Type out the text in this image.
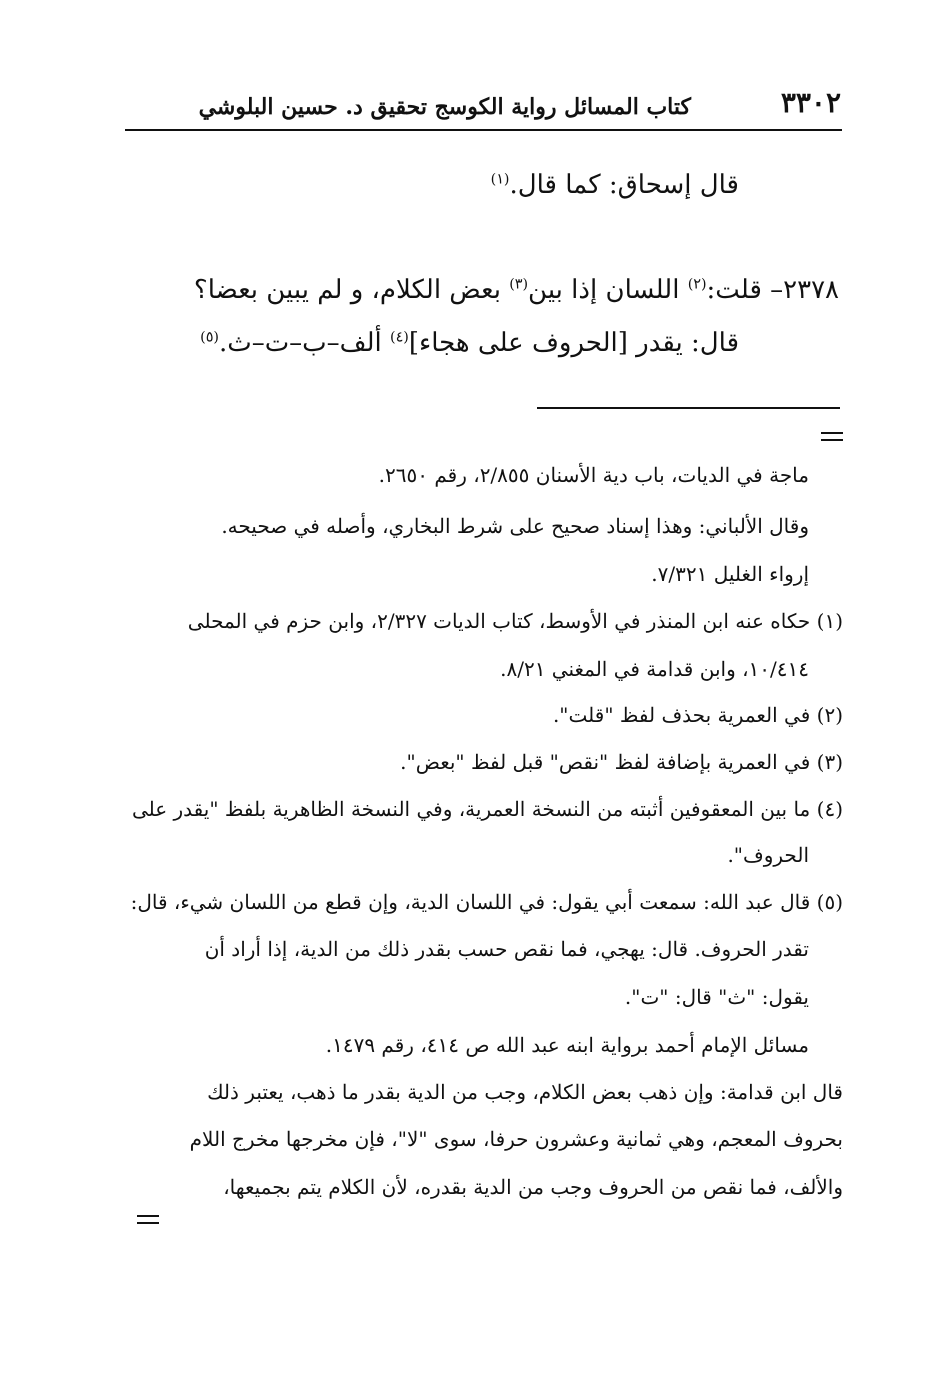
٣٣٠٢
كتاب المسائل رواية الكوسج تحقيق د. حسين البلوشي
قال إسحاق: كما قال.$^{(١)}$
٢٣٧٨– قلت:$^{(٢)}$ اللسان إذا بين$^{(٣)}$ بعض الكلام، و لم يبين بعضا؟
قال: يقدر [الحروف على هجاء]$^{(٤)}$ ألف–ب–ت–ث.$^{(٥)}$
ماجة في الديات، باب دية الأسنان ٢/٨٥٥، رقم ٢٦٥٠.
وقال الألباني: وهذا إسناد صحيح على شرط البخاري، وأصله في صحيحه.
إرواء الغليل ٧/٣٢١.
(١) حكاه عنه ابن المنذر في الأوسط، كتاب الديات ٢/٣٢٧، وابن حزم في المحلى
١٠/٤١٤، وابن قدامة في المغني ٨/٢١.
(٢) في العمرية بحذف لفظ "قلت".
(٣) في العمرية بإضافة لفظ "نقص" قبل لفظ "بعض".
(٤) ما بين المعقوفين أثبته من النسخة العمرية، وفي النسخة الظاهرية بلفظ "يقدر على
الحروف".
(٥) قال عبد الله: سمعت أبي يقول: في اللسان الدية، وإن قطع من اللسان شيء، قال:
تقدر الحروف. قال: يهجي، فما نقص حسب بقدر ذلك من الدية، إذا أراد أن
يقول: "ث" قال: "ت".
مسائل الإمام أحمد برواية ابنه عبد الله ص ٤١٤، رقم ١٤٧٩.
قال ابن قدامة: وإن ذهب بعض الكلام، وجب من الدية بقدر ما ذهب، يعتبر ذلك
بحروف المعجم، وهي ثمانية وعشرون حرفا، سوى "لا"، فإن مخرجها مخرج اللام
والألف، فما نقص من الحروف وجب من الدية بقدره، لأن الكلام يتم بجميعها،
